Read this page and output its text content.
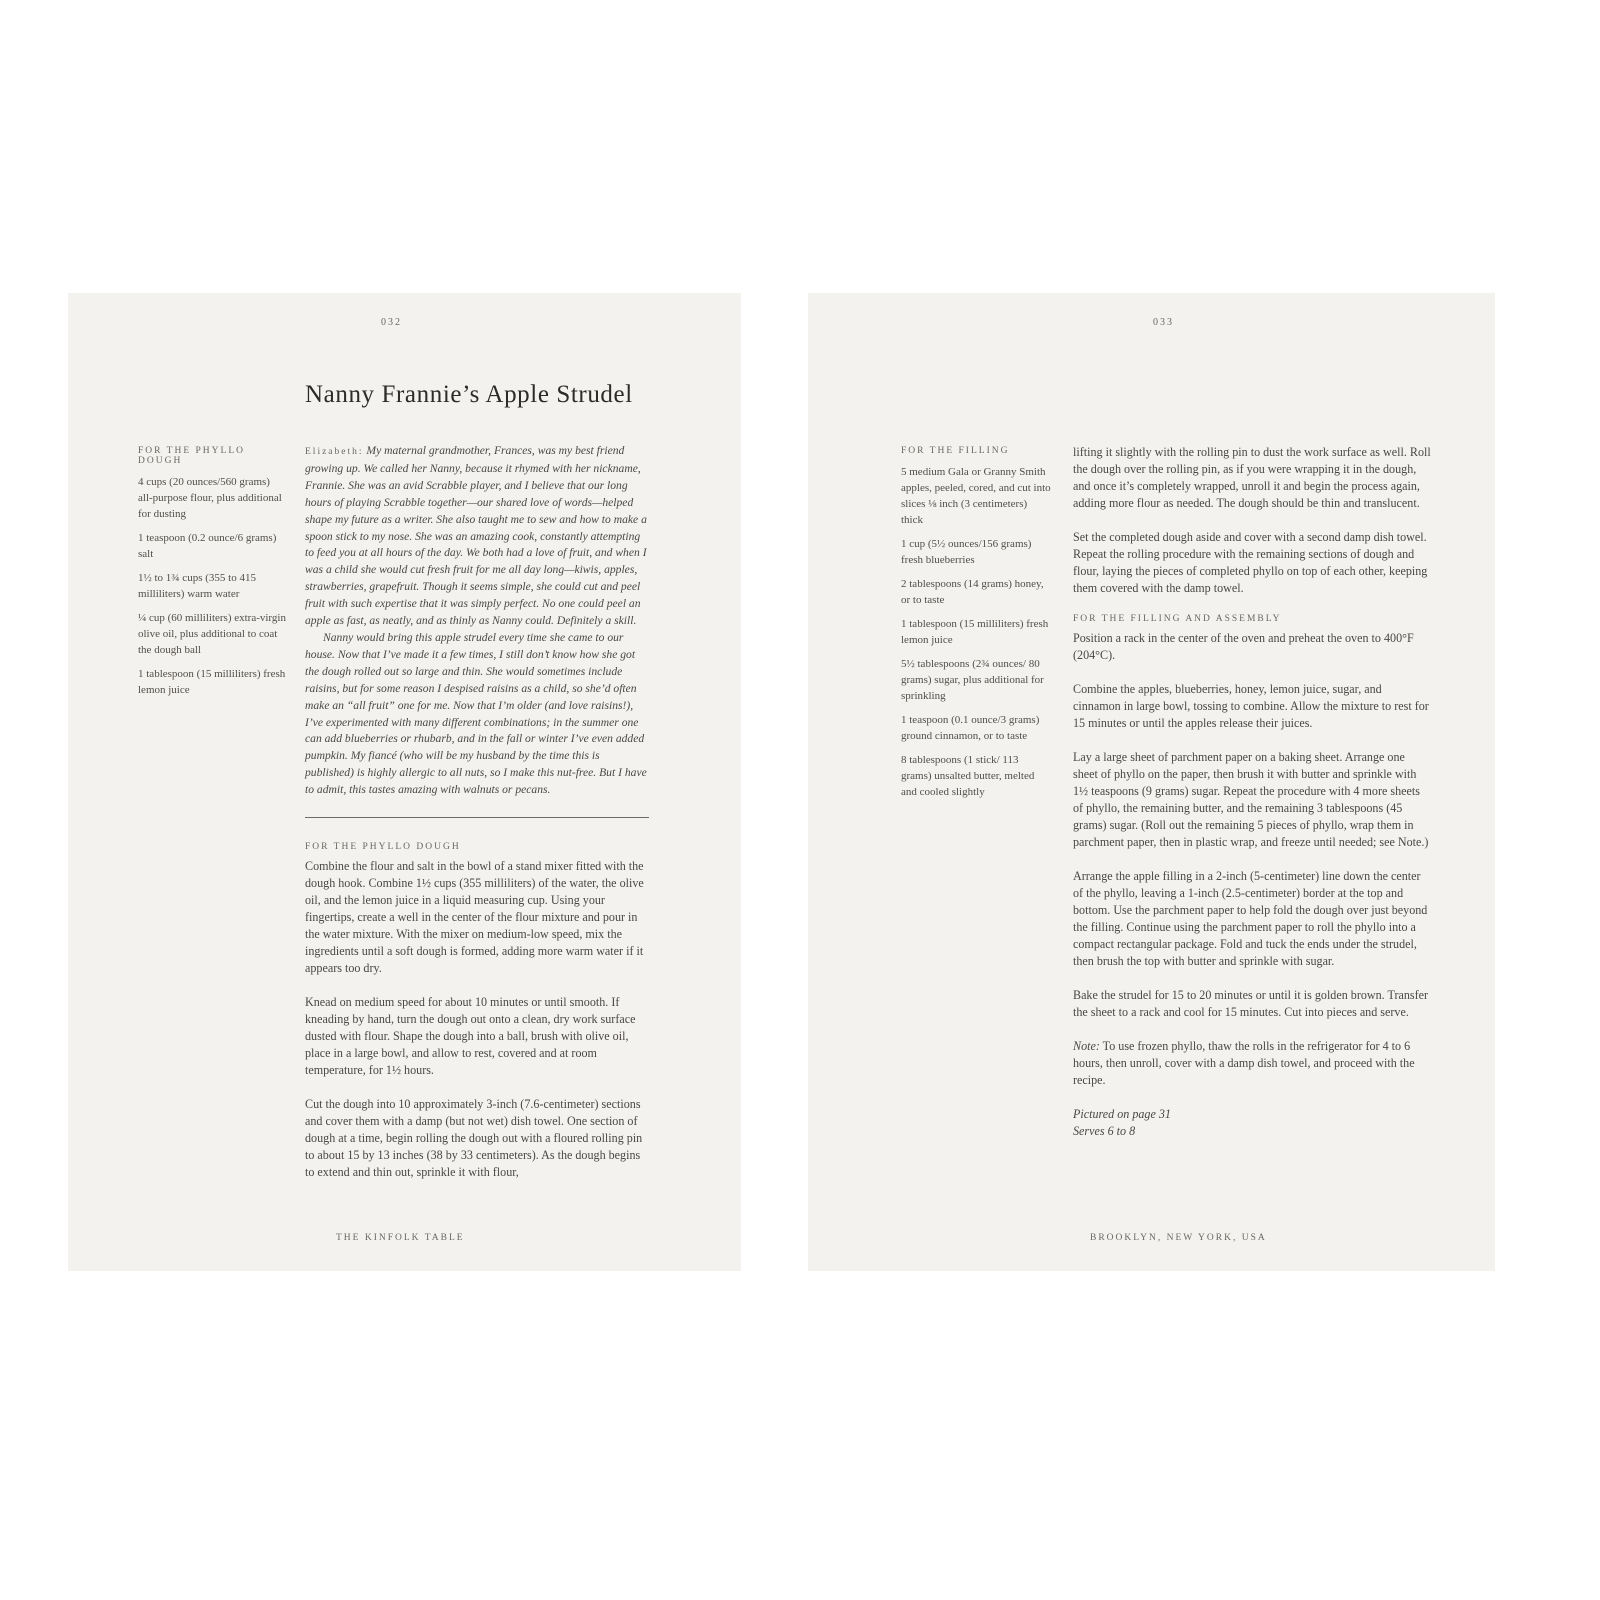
032
Nanny Frannie’s Apple Strudel
FOR THE PHYLLO DOUGH
4 cups (20 ounces/560 grams) all-purpose flour, plus additional for dusting
1 teaspoon (0.2 ounce/6 grams) salt
1½ to 1¾ cups (355 to 415 milliliters) warm water
¼ cup (60 milliliters) extra-virgin olive oil, plus additional to coat the dough ball
1 tablespoon (15 milliliters) fresh lemon juice

Elizabeth: My maternal grandmother, Frances, was my best friend growing up. We called her Nanny, because it rhymed with her nickname, Frannie. She was an avid Scrabble player, and I believe that our long hours of playing Scrabble together—our shared love of words—helped shape my future as a writer. She also taught me to sew and how to make a spoon stick to my nose. She was an amazing cook, constantly attempting to feed you at all hours of the day. We both had a love of fruit, and when I was a child she would cut fresh fruit for me all day long—kiwis, apples, strawberries, grapefruit. Though it seems simple, she could cut and peel fruit with such expertise that it was simply perfect. No one could peel an apple as fast, as neatly, and as thinly as Nanny could. Definitely a skill.

Nanny would bring this apple strudel every time she came to our house. Now that I’ve made it a few times, I still don’t know how she got the dough rolled out so large and thin. She would sometimes include raisins, but for some reason I despised raisins as a child, so she’d often make an “all fruit” one for me. Now that I’m older (and love raisins!), I’ve experimented with many different combinations; in the summer one can add blueberries or rhubarb, and in the fall or winter I’ve even added pumpkin. My fiancé (who will be my husband by the time this is published) is highly allergic to all nuts, so I make this nut-free. But I have to admit, this tastes amazing with walnuts or pecans.

FOR THE PHYLLO DOUGH

Combine the flour and salt in the bowl of a stand mixer fitted with the dough hook. Combine 1½ cups (355 milliliters) of the water, the olive oil, and the lemon juice in a liquid measuring cup. Using your fingertips, create a well in the center of the flour mixture and pour in the water mixture. With the mixer on medium-low speed, mix the ingredients until a soft dough is formed, adding more warm water if it appears too dry.

Knead on medium speed for about 10 minutes or until smooth. If kneading by hand, turn the dough out onto a clean, dry work surface dusted with flour. Shape the dough into a ball, brush with olive oil, place in a large bowl, and allow to rest, covered and at room temperature, for 1½ hours.

Cut the dough into 10 approximately 3-inch (7.6-centimeter) sections and cover them with a damp (but not wet) dish towel. One section of dough at a time, begin rolling the dough out with a floured rolling pin to about 15 by 13 inches (38 by 33 centimeters). As the dough begins to extend and thin out, sprinkle it with flour,

THE KINFOLK TABLE
033
FOR THE FILLING
5 medium Gala or Granny Smith apples, peeled, cored, and cut into slices ⅛ inch (3 centimeters) thick
1 cup (5½ ounces/156 grams) fresh blueberries
2 tablespoons (14 grams) honey, or to taste
1 tablespoon (15 milliliters) fresh lemon juice
5½ tablespoons (2¾ ounces/ 80 grams) sugar, plus additional for sprinkling
1 teaspoon (0.1 ounce/3 grams) ground cinnamon, or to taste
8 tablespoons (1 stick/ 113 grams) unsalted butter, melted and cooled slightly

lifting it slightly with the rolling pin to dust the work surface as well. Roll the dough over the rolling pin, as if you were wrapping it in the dough, and once it’s completely wrapped, unroll it and begin the process again, adding more flour as needed. The dough should be thin and translucent.

Set the completed dough aside and cover with a second damp dish towel. Repeat the rolling procedure with the remaining sections of dough and flour, laying the pieces of completed phyllo on top of each other, keeping them covered with the damp towel.

FOR THE FILLING AND ASSEMBLY

Position a rack in the center of the oven and preheat the oven to 400°F (204°C).

Combine the apples, blueberries, honey, lemon juice, sugar, and cinnamon in large bowl, tossing to combine. Allow the mixture to rest for 15 minutes or until the apples release their juices.

Lay a large sheet of parchment paper on a baking sheet. Arrange one sheet of phyllo on the paper, then brush it with butter and sprinkle with 1½ teaspoons (9 grams) sugar. Repeat the procedure with 4 more sheets of phyllo, the remaining butter, and the remaining 3 tablespoons (45 grams) sugar. (Roll out the remaining 5 pieces of phyllo, wrap them in parchment paper, then in plastic wrap, and freeze until needed; see Note.)

Arrange the apple filling in a 2-inch (5-centimeter) line down the center of the phyllo, leaving a 1-inch (2.5-centimeter) border at the top and bottom. Use the parchment paper to help fold the dough over just beyond the filling. Continue using the parchment paper to roll the phyllo into a compact rectangular package. Fold and tuck the ends under the strudel, then brush the top with butter and sprinkle with sugar.

Bake the strudel for 15 to 20 minutes or until it is golden brown. Transfer the sheet to a rack and cool for 15 minutes. Cut into pieces and serve.

Note: To use frozen phyllo, thaw the rolls in the refrigerator for 4 to 6 hours, then unroll, cover with a damp dish towel, and proceed with the recipe.

Pictured on page 31
Serves 6 to 8

BROOKLYN, NEW YORK, USA
